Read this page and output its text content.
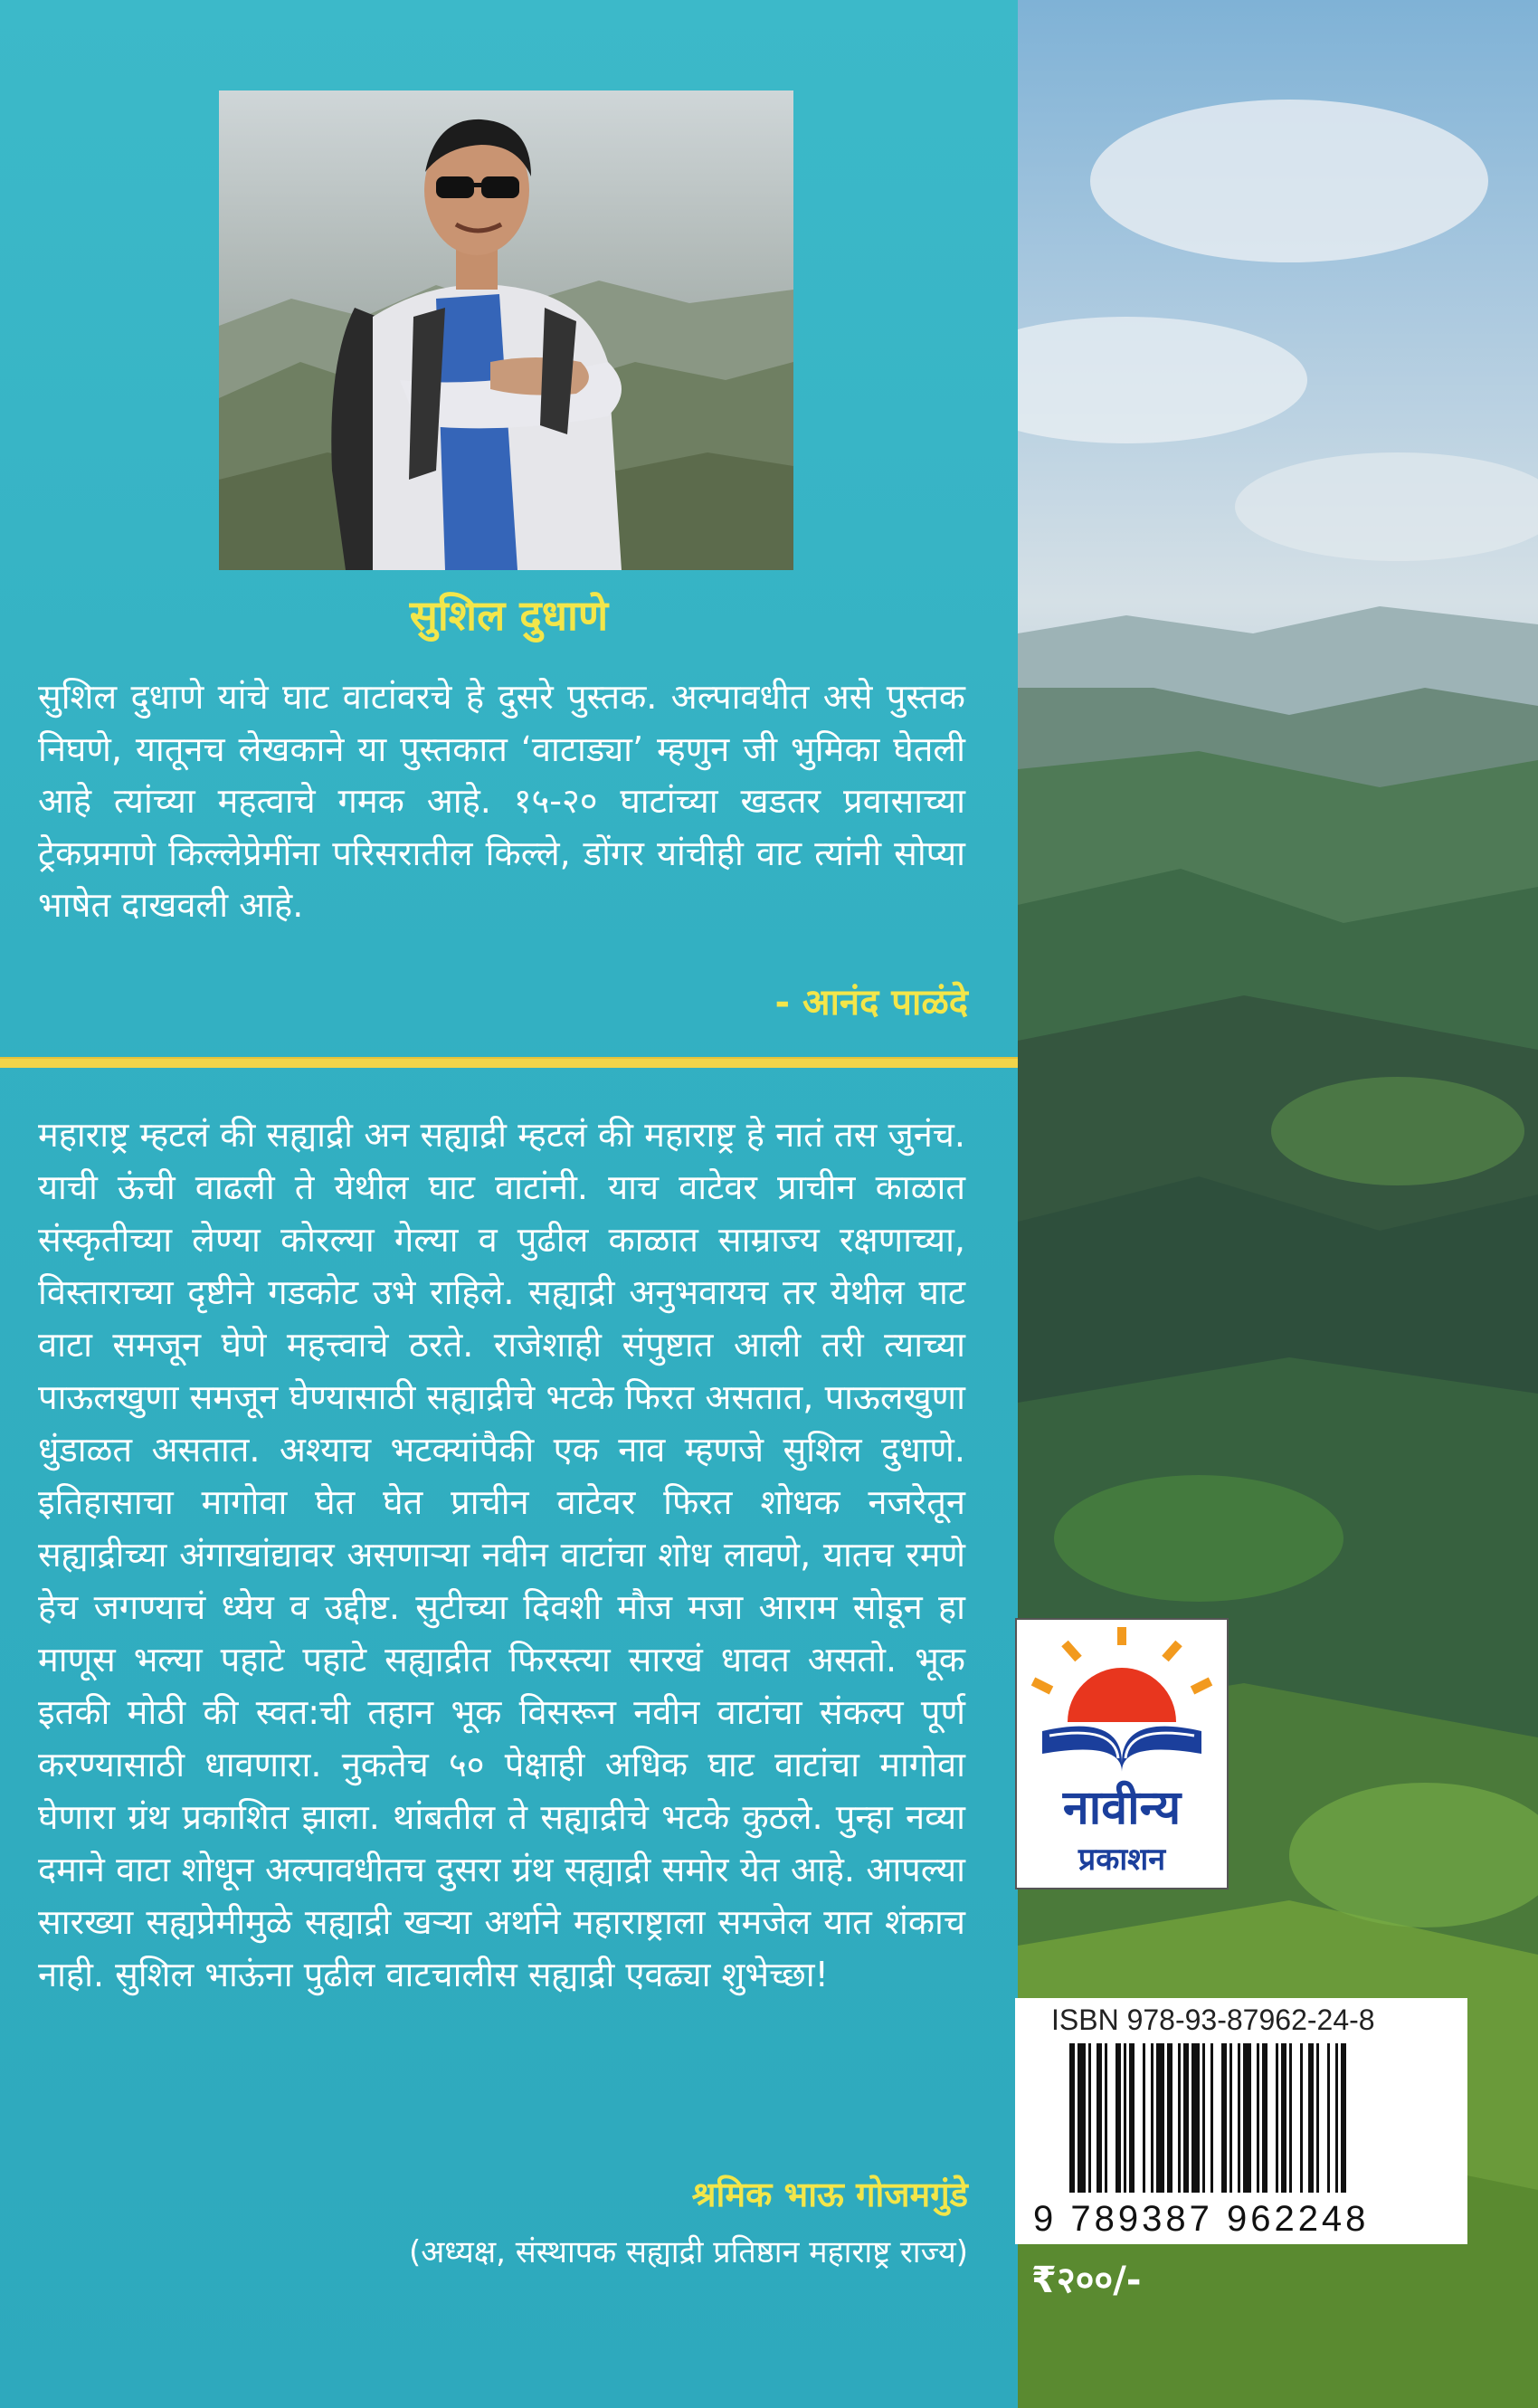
सुशिल दुधाणे
सुशिल दुधाणे यांचे घाट वाटांवरचे हे दुसरे पुस्तक. अल्पावधीत असे पुस्तक निघणे, यातूनच लेखकाने या पुस्तकात ‘वाटाड्या’ म्हणुन जी भुमिका घेतली आहे त्यांच्या महत्वाचे गमक आहे. १५-२० घाटांच्या खडतर प्रवासाच्या ट्रेकप्रमाणे किल्लेप्रेमींना परिसरातील किल्ले, डोंगर यांचीही वाट त्यांनी सोप्या भाषेत दाखवली आहे.
- आनंद पाळंदे
महाराष्ट्र म्हटलं की सह्याद्री अन सह्याद्री म्हटलं की महाराष्ट्र हे नातं तस जुनंच. याची ऊंची वाढली ते येथील घाट वाटांनी. याच वाटेवर प्राचीन काळात संस्कृतीच्या लेण्या कोरल्या गेल्या व पुढील काळात साम्राज्य रक्षणाच्या, विस्ताराच्या दृष्टीने गडकोट उभे राहिले. सह्याद्री अनुभवायच तर येथील घाट वाटा समजून घेणे महत्त्वाचे ठरते. राजेशाही संपुष्टात आली तरी त्याच्या पाऊलखुणा समजून घेण्यासाठी सह्याद्रीचे भटके फिरत असतात, पाऊलखुणा धुंडाळत असतात. अश्याच भटक्यांपैकी एक नाव म्हणजे सुशिल दुधाणे. इतिहासाचा मागोवा घेत घेत प्राचीन वाटेवर फिरत शोधक नजरेतून सह्याद्रीच्या अंगाखांद्यावर असणाऱ्या नवीन वाटांचा शोध लावणे, यातच रमणे हेच जगण्याचं ध्येय व उद्दीष्ट. सुटीच्या दिवशी मौज मजा आराम सोडून हा माणूस भल्या पहाटे पहाटे सह्याद्रीत फिरस्त्या सारखं धावत असतो. भूक इतकी मोठी की स्वत:ची तहान भूक विसरून नवीन वाटांचा संकल्प पूर्ण करण्यासाठी धावणारा. नुकतेच ५० पेक्षाही अधिक घाट वाटांचा मागोवा घेणारा ग्रंथ प्रकाशित झाला. थांबतील ते सह्याद्रीचे भटके कुठले. पुन्हा नव्या दमाने वाटा शोधून अल्पावधीतच दुसरा ग्रंथ सह्याद्री समोर येत आहे. आपल्या सारख्या सह्यप्रेमीमुळे सह्याद्री खऱ्या अर्थाने महाराष्ट्राला समजेल यात शंकाच नाही. सुशिल भाऊंना पुढील वाटचालीस सह्याद्री एवढ्या शुभेच्छा!
श्रमिक भाऊ गोजमगुंडे
(अध्यक्ष, संस्थापक सह्याद्री प्रतिष्ठान महाराष्ट्र राज्य)
नावीन्य
प्रकाशन
ISBN 978-93-87962-24-8
9 789387 962248
₹२००/-
